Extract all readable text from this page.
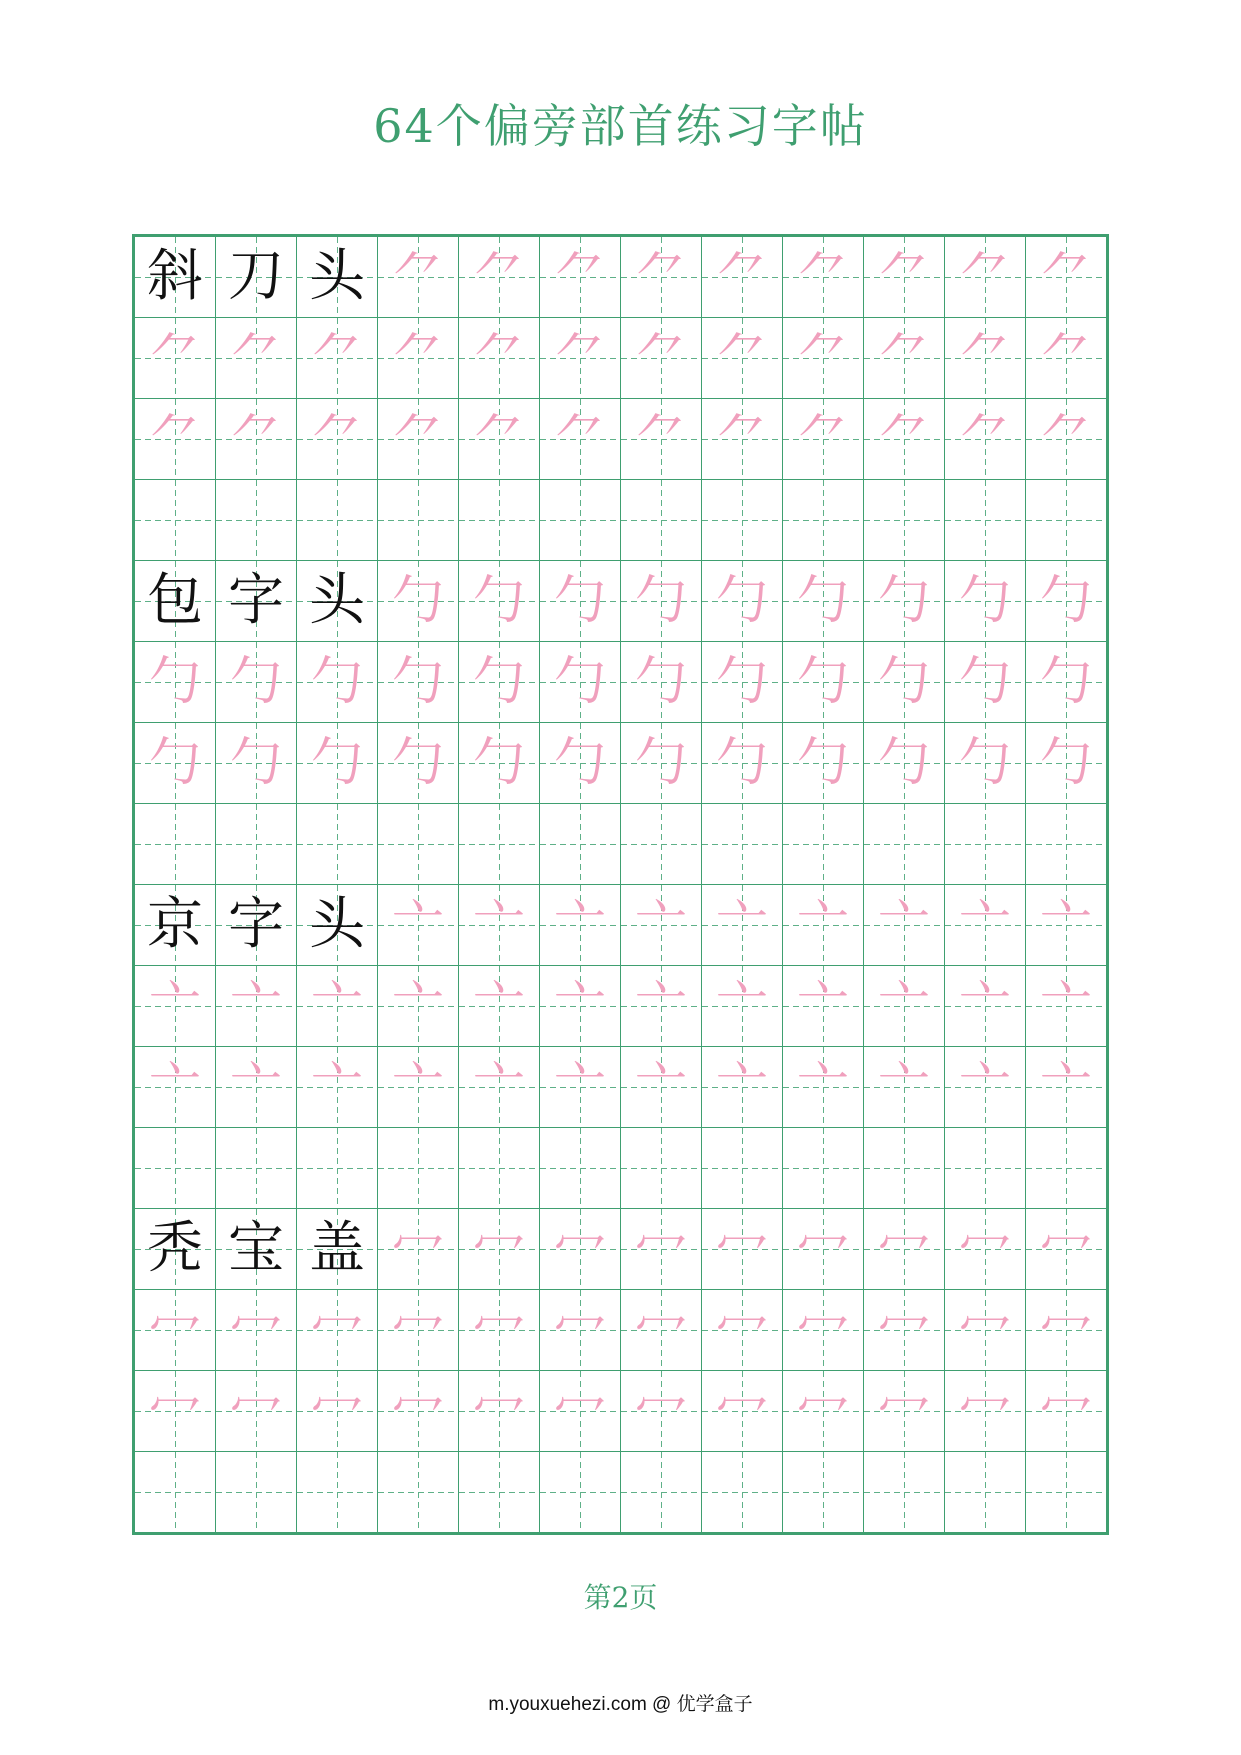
64个偏旁部首练习字帖
斜 刀 头 ⺈ ⺈ ⺈ ⺈ ⺈ ⺈ ⺈ ⺈ ⺈
⺈ ⺈ ⺈ ⺈ ⺈ ⺈ ⺈ ⺈ ⺈ ⺈ ⺈ ⺈
⺈ ⺈ ⺈ ⺈ ⺈ ⺈ ⺈ ⺈ ⺈ ⺈ ⺈ ⺈
包 字 头 勹 勹 勹 勹 勹 勹 勹 勹 勹
勹 勹 勹 勹 勹 勹 勹 勹 勹 勹 勹 勹
勹 勹 勹 勹 勹 勹 勹 勹 勹 勹 勹 勹
京 字 头 亠 亠 亠 亠 亠 亠 亠 亠 亠
亠 亠 亠 亠 亠 亠 亠 亠 亠 亠 亠 亠
亠 亠 亠 亠 亠 亠 亠 亠 亠 亠 亠 亠
秃 宝 盖 冖 冖 冖 冖 冖 冖 冖 冖 冖
冖 冖 冖 冖 冖 冖 冖 冖 冖 冖 冖 冖
冖 冖 冖 冖 冖 冖 冖 冖 冖 冖 冖 冖
第2页
m.youxuehezi.com @ 优学盒子
